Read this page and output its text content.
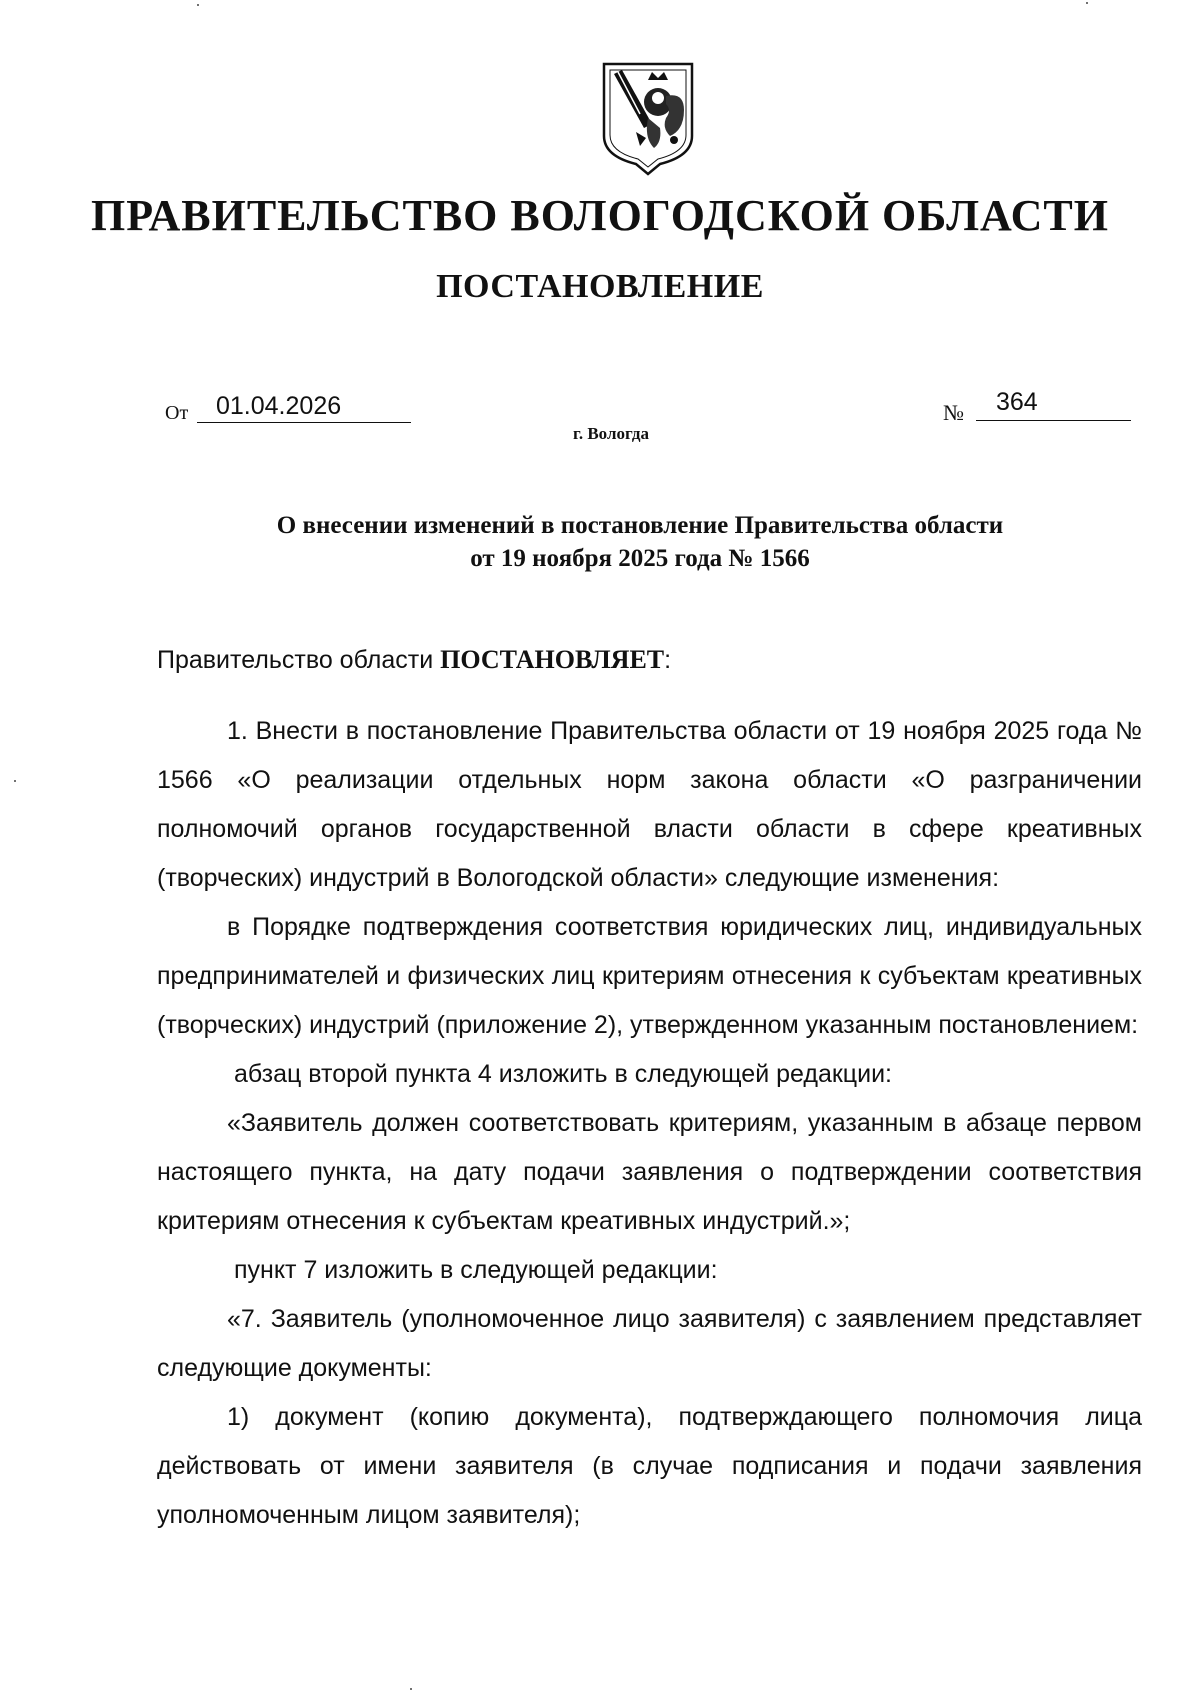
ПРАВИТЕЛЬСТВО ВОЛОГОДСКОЙ ОБЛАСТИ
ПОСТАНОВЛЕНИЕ
От 01.04.2026	№ 364
г. Вологда
О внесении изменений в постановление Правительства области
от 19 ноября 2025 года № 1566
Правительство области ПОСТАНОВЛЯЕТ:

1. Внести в постановление Правительства области от 19 ноября 2025 года № 1566 «О реализации отдельных норм закона области «О разграничении полномочий органов государственной власти области в сфере креативных (творческих) индустрий в Вологодской области» следующие изменения:

в Порядке подтверждения соответствия юридических лиц, индивидуальных предпринимателей и физических лиц критериям отнесения к субъектам креативных (творческих) индустрий (приложение 2), утвержденном указанным постановлением:

абзац второй пункта 4 изложить в следующей редакции:

«Заявитель должен соответствовать критериям, указанным в абзаце первом настоящего пункта, на дату подачи заявления о подтверждении соответствия критериям отнесения к субъектам креативных индустрий.»;

пункт 7 изложить в следующей редакции:

«7. Заявитель (уполномоченное лицо заявителя) с заявлением представляет следующие документы:

1) документ (копию документа), подтверждающего полномочия лица действовать от имени заявителя (в случае подписания и подачи заявления уполномоченным лицом заявителя);
